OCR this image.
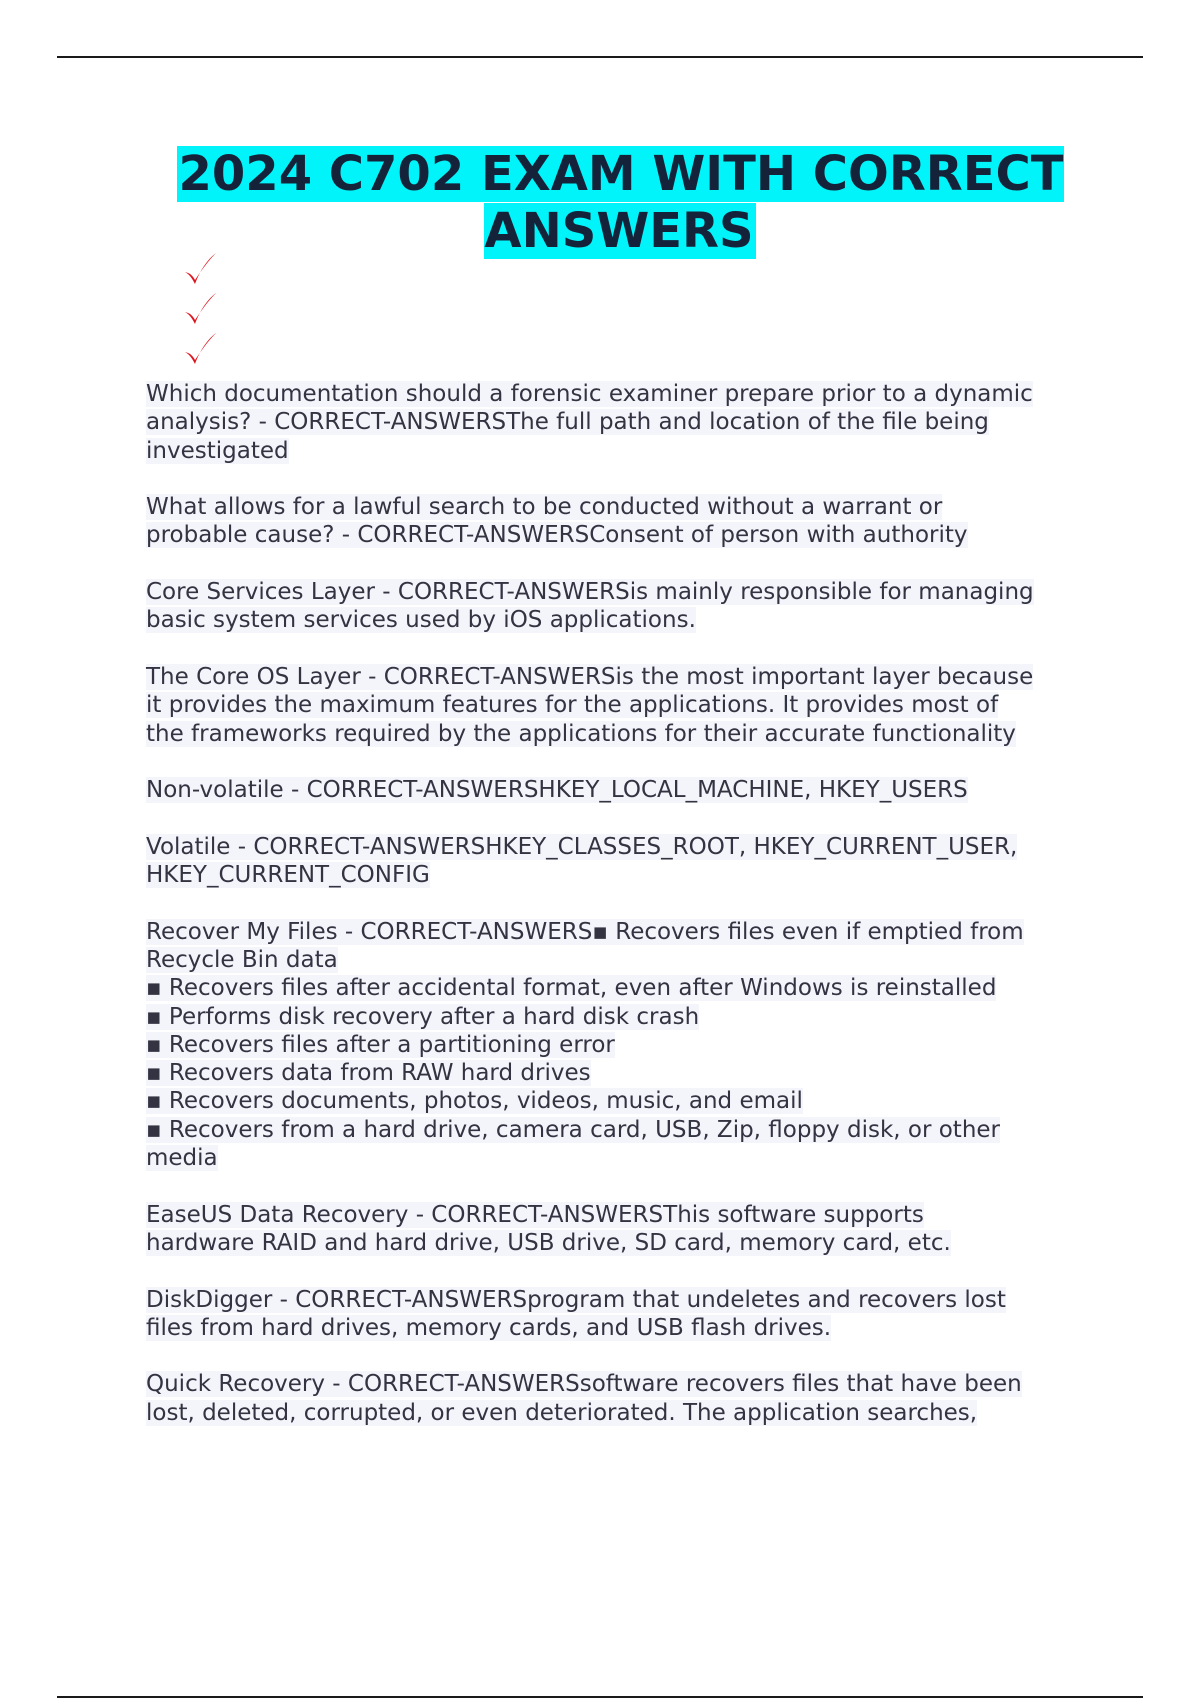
2024 C702 EXAM WITH CORRECT ANSWERS
Which documentation should a forensic examiner prepare prior to a dynamic
analysis? - CORRECT-ANSWERSThe full path and location of the file being
investigated
What allows for a lawful search to be conducted without a warrant or
probable cause? - CORRECT-ANSWERSConsent of person with authority
Core Services Layer - CORRECT-ANSWERSis mainly responsible for managing
basic system services used by iOS applications.
The Core OS Layer - CORRECT-ANSWERSis the most important layer because
it provides the maximum features for the applications. It provides most of
the frameworks required by the applications for their accurate functionality
Non-volatile - CORRECT-ANSWERSHKEY_LOCAL_MACHINE, HKEY_USERS
Volatile - CORRECT-ANSWERSHKEY_CLASSES_ROOT, HKEY_CURRENT_USER,
HKEY_CURRENT_CONFIG
Recover My Files - CORRECT-ANSWERS▪ Recovers files even if emptied from
Recycle Bin data
▪ Recovers files after accidental format, even after Windows is reinstalled
▪ Performs disk recovery after a hard disk crash
▪ Recovers files after a partitioning error
▪ Recovers data from RAW hard drives
▪ Recovers documents, photos, videos, music, and email
▪ Recovers from a hard drive, camera card, USB, Zip, floppy disk, or other
media
EaseUS Data Recovery - CORRECT-ANSWERSThis software supports
hardware RAID and hard drive, USB drive, SD card, memory card, etc.
DiskDigger - CORRECT-ANSWERSprogram that undeletes and recovers lost
files from hard drives, memory cards, and USB flash drives.
Quick Recovery - CORRECT-ANSWERSsoftware recovers files that have been
lost, deleted, corrupted, or even deteriorated. The application searches,
